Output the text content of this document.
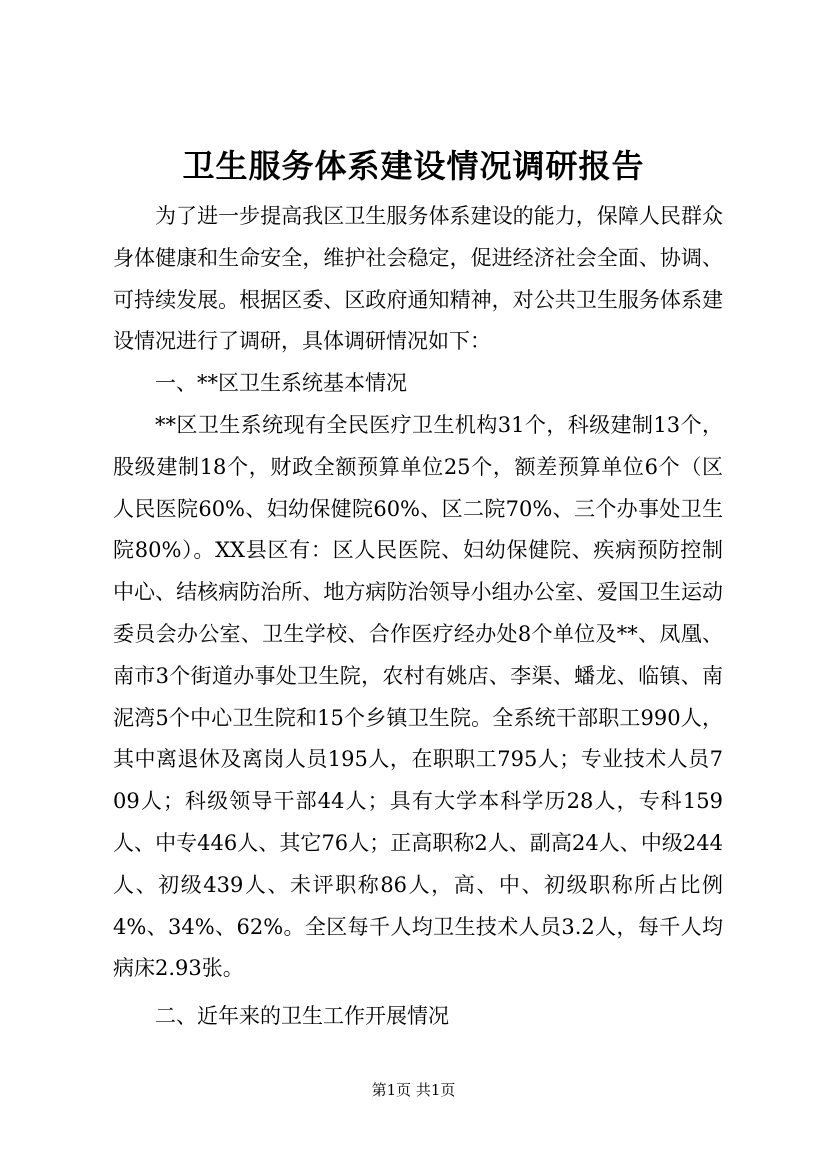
卫生服务体系建设情况调研报告

为了进一步提高我区卫生服务体系建设的能力，保障人民群众身体健康和生命安全，维护社会稳定，促进经济社会全面、协调、可持续发展。根据区委、区政府通知精神，对公共卫生服务体系建设情况进行了调研，具体调研情况如下：

一、**区卫生系统基本情况

**区卫生系统现有全民医疗卫生机构31个，科级建制13个，股级建制18个，财政全额预算单位25个，额差预算单位6个（区人民医院60%、妇幼保健院60%、区二院70%、三个办事处卫生院80%）。XX县区有：区人民医院、妇幼保健院、疾病预防控制中心、结核病防治所、地方病防治领导小组办公室、爱国卫生运动委员会办公室、卫生学校、合作医疗经办处8个单位及**、凤凰、南市3个街道办事处卫生院，农村有姚店、李渠、蟠龙、临镇、南泥湾5个中心卫生院和15个乡镇卫生院。全系统干部职工990人，其中离退休及离岗人员195人，在职职工795人；专业技术人员709人；科级领导干部44人；具有大学本科学历28人，专科159人、中专446人、其它76人；正高职称2人、副高24人、中级244人、初级439人、未评职称86人，高、中、初级职称所占比例4%、34%、62%。全区每千人均卫生技术人员3.2人，每千人均病床2.93张。

二、近年来的卫生工作开展情况

第1页 共1页
